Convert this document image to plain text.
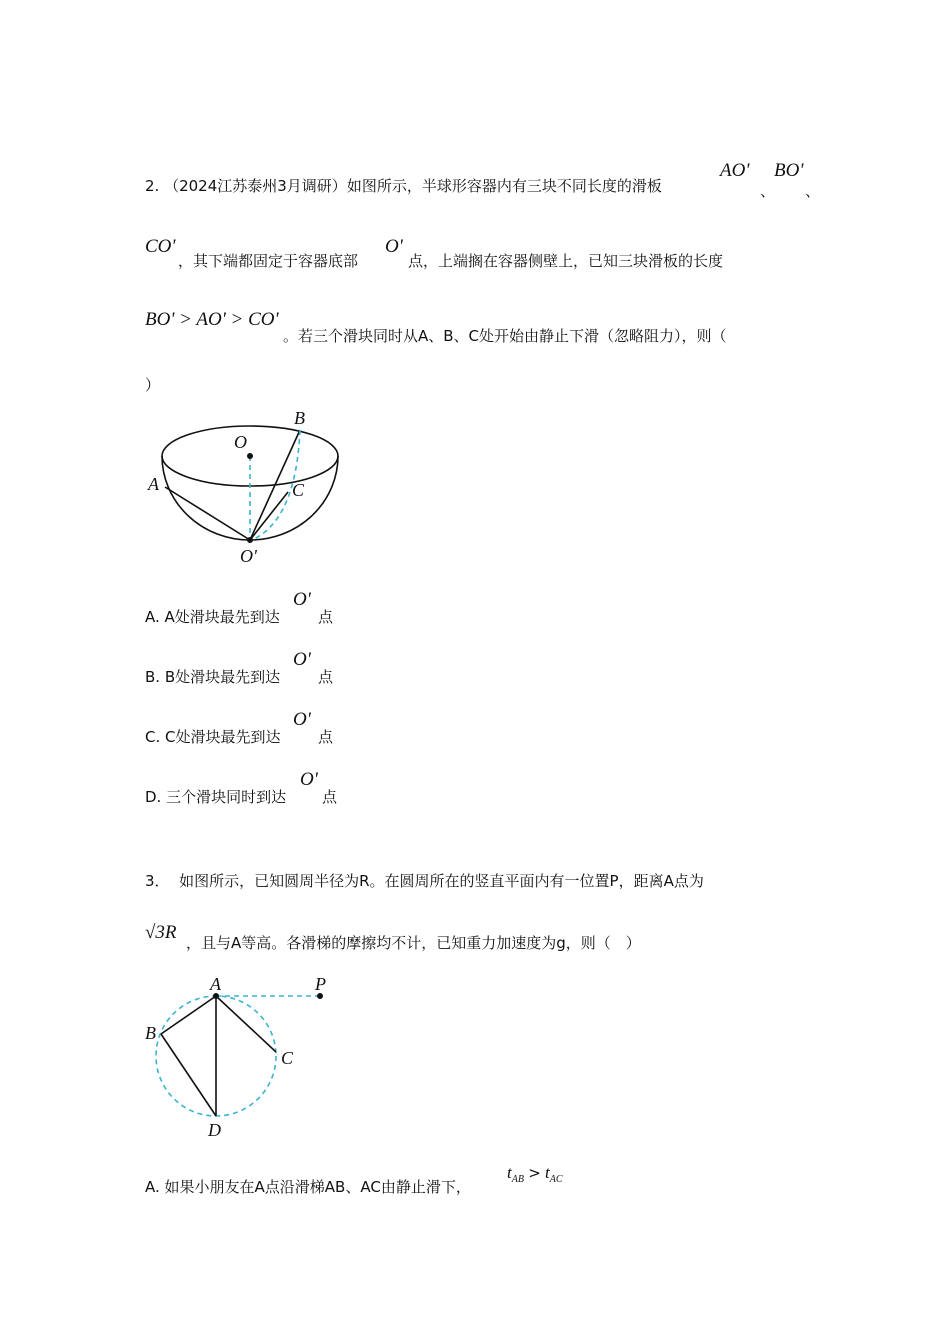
2. （2024江苏泰州3月调研）如图所示，半球形容器内有三块不同长度的滑板
AO'
、
BO'
、
CO'
，其下端都固定于容器底部
O'
点，上端搁在容器侧壁上，已知三块滑板的长度
BO' > AO' > CO'
。若三个滑块同时从A、B、C处开始由静止下滑（忽略阻力），则（
）
O
A
B
C
O'
A. A处滑块最先到达
O'
点
B. B处滑块最先到达
O'
点
C. C处滑块最先到达
O'
点
D. 三个滑块同时到达
O'
点
3． 如图所示，已知圆周半径为R。在圆周所在的竖直平面内有一位置P，距离A点为
√3R ，且与A等高。各滑梯的摩擦均不计，已知重力加速度为g，则（　）
A	P
B
C
D
A. 如果小朋友在A点沿滑梯AB、AC由静止滑下，
$t_{AB} > t_{AC}$
